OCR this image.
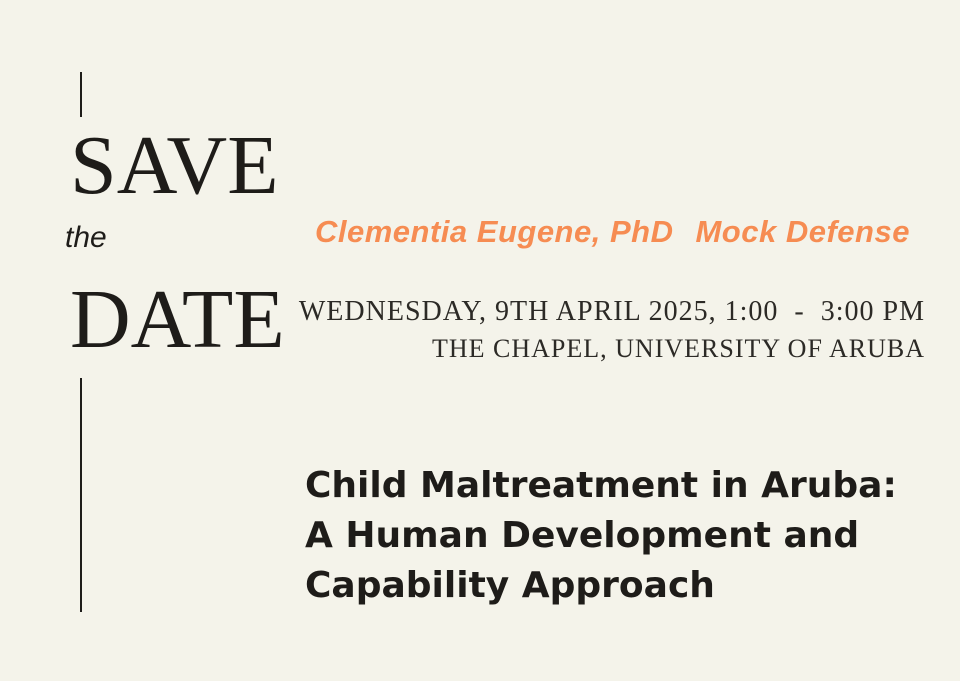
SAVE
the
DATE
Clementia Eugene, PhD Mock Defense
WEDNESDAY, 9TH APRIL 2025, 1:00  -  3:00 PM
THE CHAPEL, UNIVERSITY OF ARUBA
Child Maltreatment in Aruba:
A Human Development and
Capability Approach
